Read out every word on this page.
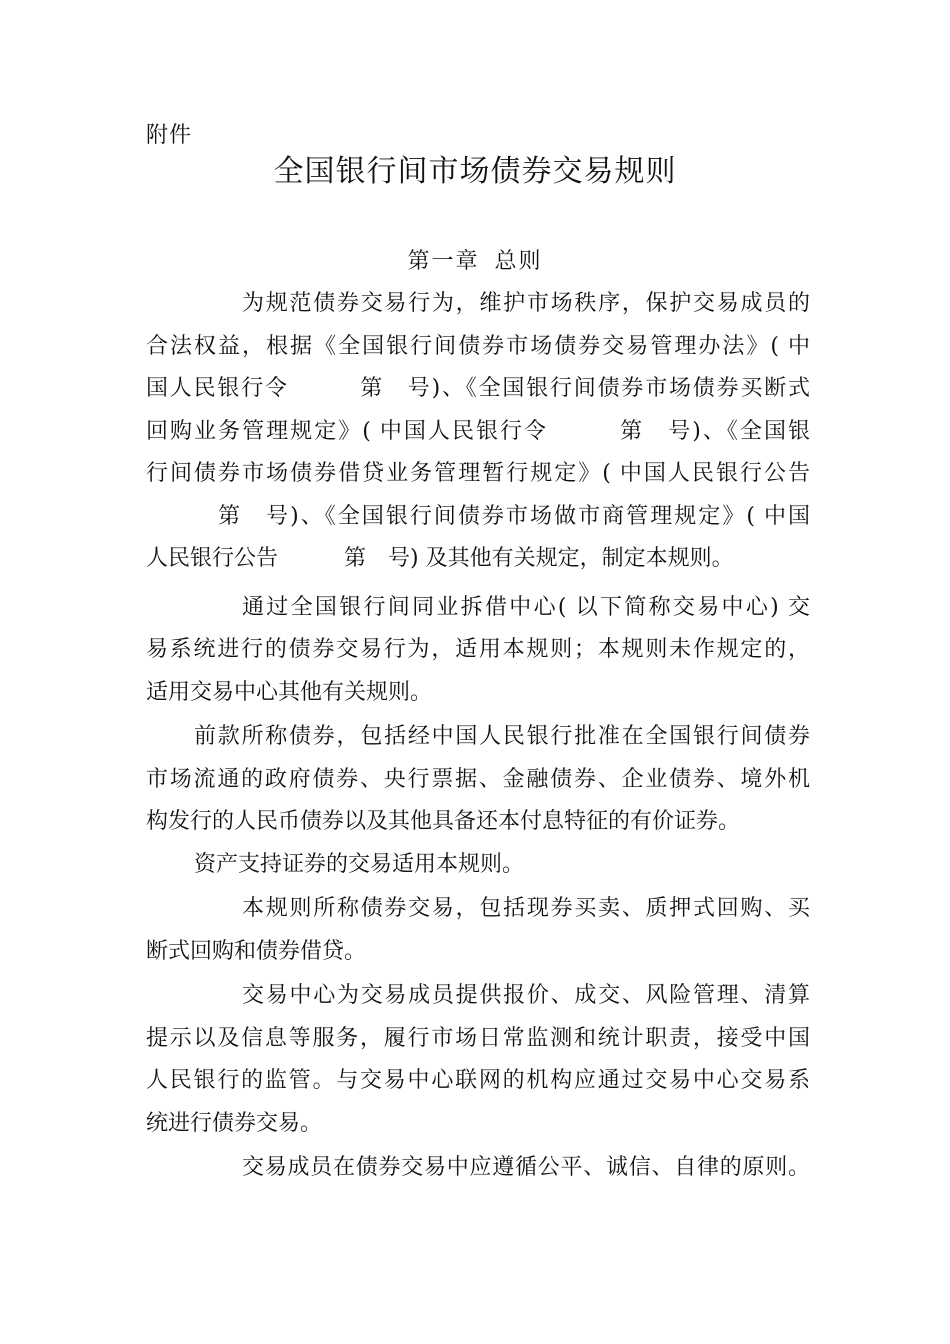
附件
全国银行间市场债券交易规则
第一章 总则
为规范债券交易行为，维护市场秩序，保护交易成员的
合法权益，根据《全国银行间债券市场债券交易管理办法》( 中
国人民银行令　　　第　号)、《全国银行间债券市场债券买断式
回购业务管理规定》( 中国人民银行令　　　第　号)、《全国银
行间债券市场债券借贷业务管理暂行规定》( 中国人民银行公告
第　号)、《全国银行间债券市场做市商管理规定》( 中国
人民银行公告　　　第　号) 及其他有关规定，制定本规则。
通过全国银行间同业拆借中心( 以下简称交易中心) 交
易系统进行的债券交易行为，适用本规则；本规则未作规定的，
适用交易中心其他有关规则。
前款所称债券，包括经中国人民银行批准在全国银行间债券
市场流通的政府债券、央行票据、金融债券、企业债券、境外机
构发行的人民币债券以及其他具备还本付息特征的有价证券。
资产支持证券的交易适用本规则。
本规则所称债券交易，包括现券买卖、质押式回购、买
断式回购和债券借贷。
交易中心为交易成员提供报价、成交、风险管理、清算
提示以及信息等服务，履行市场日常监测和统计职责，接受中国
人民银行的监管。与交易中心联网的机构应通过交易中心交易系
统进行债券交易。
交易成员在债券交易中应遵循公平、诚信、自律的原则。
